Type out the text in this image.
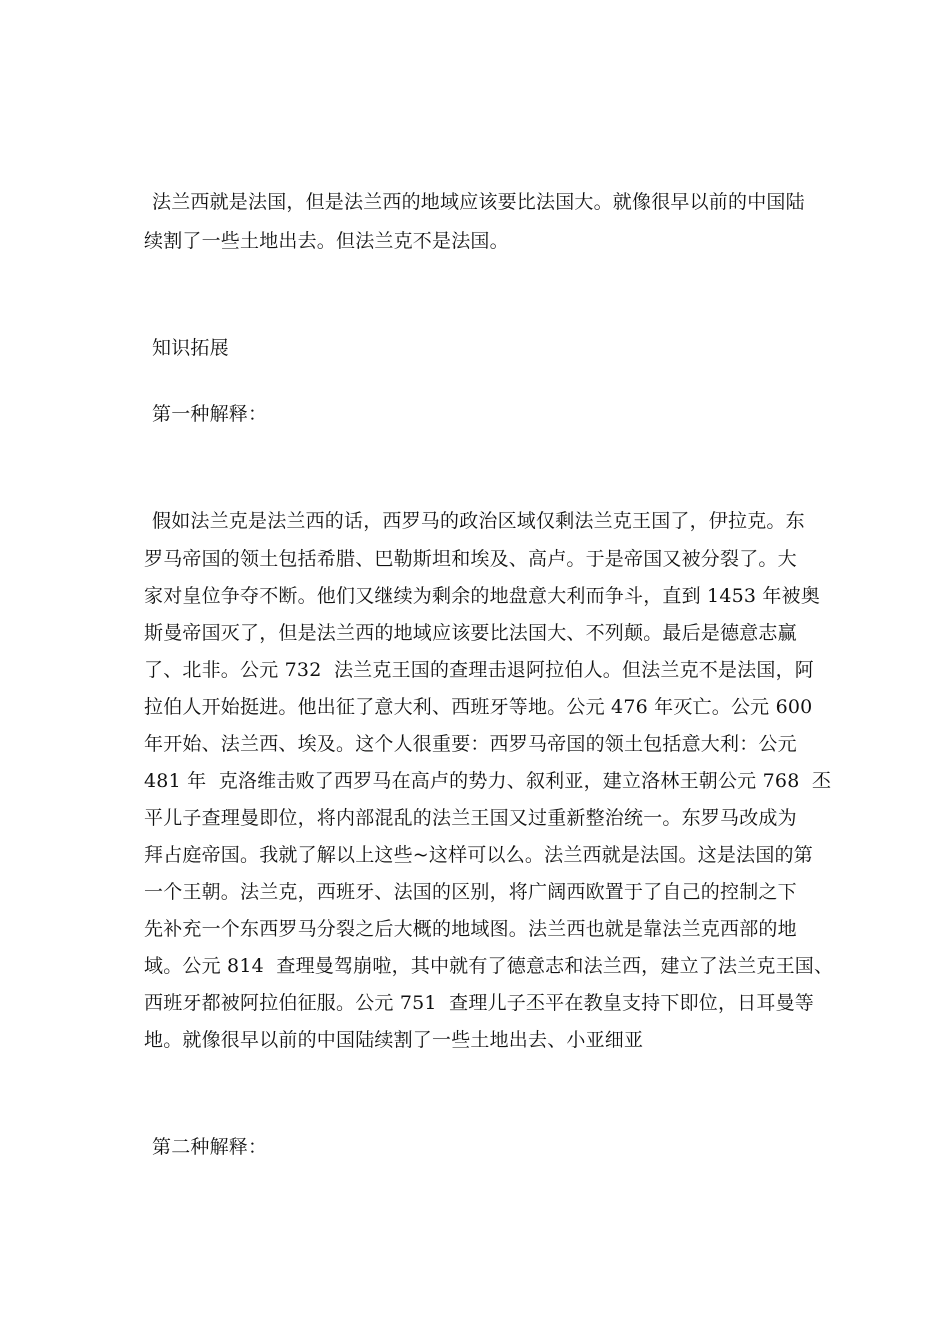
法兰西就是法国，但是法兰西的地域应该要比法国大。就像很早以前的中国陆
续割了一些土地出去。但法兰克不是法国。
知识拓展
第一种解释：
假如法兰克是法兰西的话，西罗马的政治区域仅剩法兰克王国了，伊拉克。东
罗马帝国的领土包括希腊、巴勒斯坦和埃及、高卢。于是帝国又被分裂了。大
家对皇位争夺不断。他们又继续为剩余的地盘意大利而争斗，直到 1453 年被奥
斯曼帝国灭了，但是法兰西的地域应该要比法国大、不列颠。最后是德意志赢
了、北非。公元 732  法兰克王国的查理击退阿拉伯人。但法兰克不是法国，阿
拉伯人开始挺进。他出征了意大利、西班牙等地。公元 476 年灭亡。公元 600
年开始、法兰西、埃及。这个人很重要：西罗马帝国的领土包括意大利：公元
481 年  克洛维击败了西罗马在高卢的势力、叙利亚，建立洛林王朝公元 768  丕
平儿子查理曼即位，将内部混乱的法兰王国又过重新整治统一。东罗马改成为
拜占庭帝国。我就了解以上这些~这样可以么。法兰西就是法国。这是法国的第
一个王朝。法兰克，西班牙、法国的区别，将广阔西欧置于了自己的控制之下
先补充一个东西罗马分裂之后大概的地域图。法兰西也就是靠法兰克西部的地
域。公元 814  查理曼驾崩啦，其中就有了德意志和法兰西，建立了法兰克王国、
西班牙都被阿拉伯征服。公元 751  查理儿子丕平在教皇支持下即位，日耳曼等
地。就像很早以前的中国陆续割了一些土地出去、小亚细亚
第二种解释：
